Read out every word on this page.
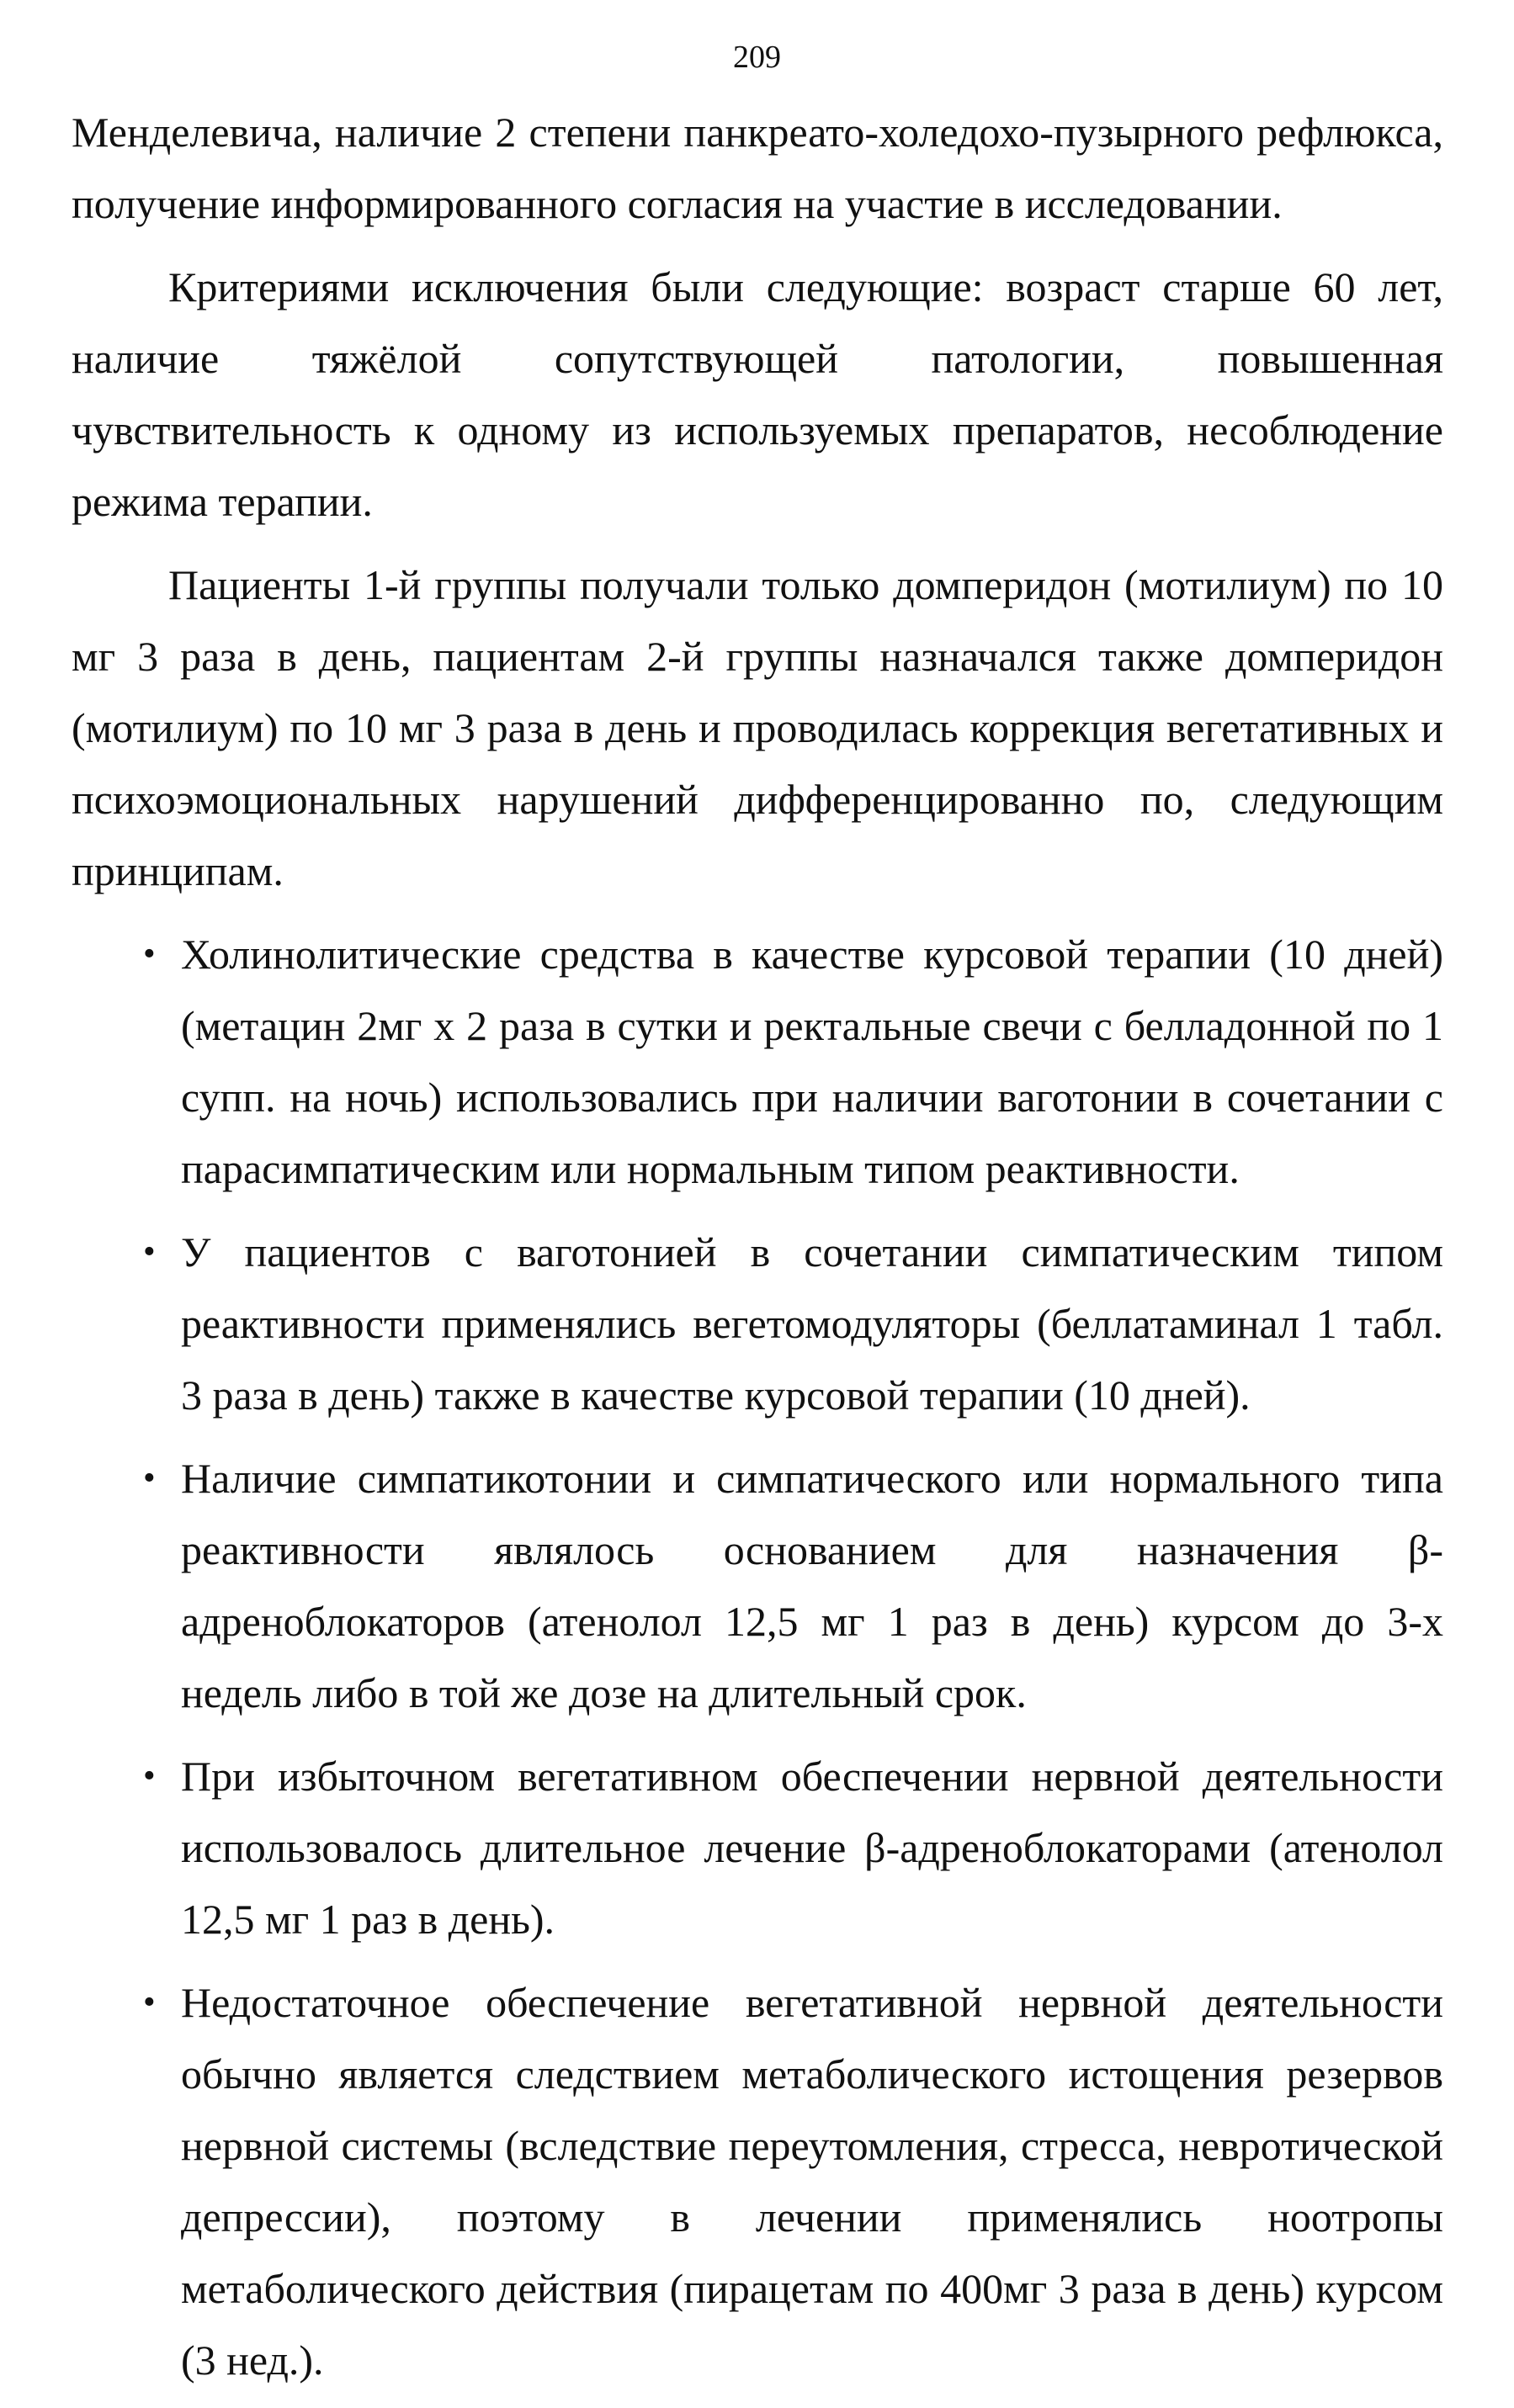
209

Менделевича, наличие 2 степени панкреато-холедохо-пузырного рефлюкса, получение информированного согласия на участие в исследовании.

Критериями исключения были следующие: возраст старше 60 лет, наличие тяжёлой сопутствующей патологии, повышенная чувствительность к одному из используемых препаратов, несоблюдение режима терапии.

Пациенты 1-й группы получали только домперидон (мотилиум) по 10 мг 3 раза в день, пациентам 2-й группы назначался также домперидон (мотилиум) по 10 мг 3 раза в день и проводилась коррекция вегетативных и психоэмоциональных нарушений дифференцированно по, следующим принципам.

• Холинолитические средства в качестве курсовой терапии (10 дней) (метацин 2мг х 2 раза в сутки и ректальные свечи с белладонной по 1 супп. на ночь) использовались при наличии ваготонии в сочетании с парасимпатическим или нормальным типом реактивности.
• У пациентов с ваготонией в сочетании симпатическим типом реактивности применялись вегетомодуляторы (беллатаминал 1 табл. 3 раза в день) также в качестве курсовой терапии (10 дней).
• Наличие симпатикотонии и симпатического или нормального типа реактивности являлось основанием для назначения β-адреноблокаторов (атенолол 12,5 мг 1 раз в день) курсом до 3-х недель либо в той же дозе на длительный срок.
• При избыточном вегетативном обеспечении нервной деятельности использовалось длительное лечение β-адреноблокаторами (атенолол 12,5 мг 1 раз в день).
• Недостаточное обеспечение вегетативной нервной деятельности обычно является следствием метаболического истощения резервов нервной системы (вследствие переутомления, стресса, невротической депрессии), поэтому в лечении применялись ноотропы метаболического действия (пирацетам по 400мг 3 раза в день) курсом (3 нед.).
